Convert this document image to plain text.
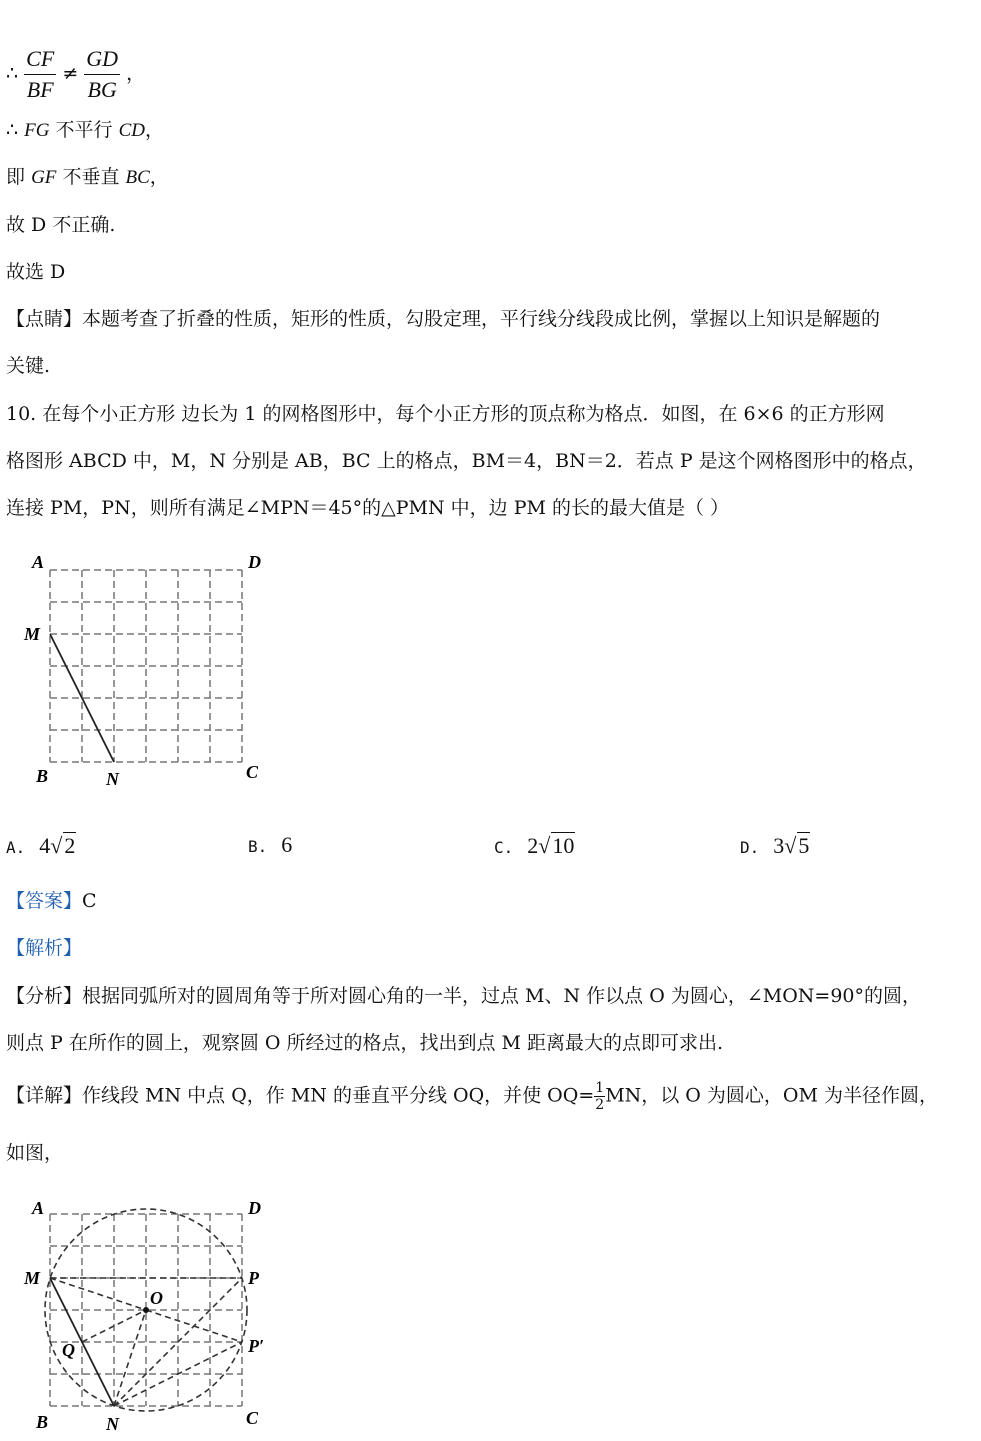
∴ $\frac{CF}{BF} \ne \frac{GD}{BG}$ ，
∴ FG 不平行 CD，
即 GF 不垂直 BC，
故 D 不正确.
故选 D
【点睛】本题考查了折叠的性质，矩形的性质，勾股定理，平行线分线段成比例，掌握以上知识是解题的
关键.
10. 在每个小正方形 边长为 1 的网格图形中，每个小正方形的顶点称为格点．如图，在 6×6 的正方形网
格图形 ABCD 中，M，N 分别是 AB，BC 上的格点，BM＝4，BN＝2．若点 P 是这个网格图形中的格点，
连接 PM，PN，则所有满足∠MPN＝45°的△PMN 中，边 PM 的长的最大值是（ ）
A	D
M
B	N	C
A. 4√2	B. 6	C. 2√10	D. 3√5
【答案】C
【解析】
【分析】根据同弧所对的圆周角等于所对圆心角的一半，过点 M、N 作以点 O 为圆心，∠MON=90°的圆，
则点 P 在所作的圆上，观察圆 O 所经过的格点，找出到点 M 距离最大的点即可求出.
【详解】作线段 MN 中点 Q，作 MN 的垂直平分线 OQ，并使 $OQ= \frac{1}{2}MN$，以 O 为圆心，OM 为半径作圆，
如图，
A	D
M	P
O
Q	P′
B	N	C
